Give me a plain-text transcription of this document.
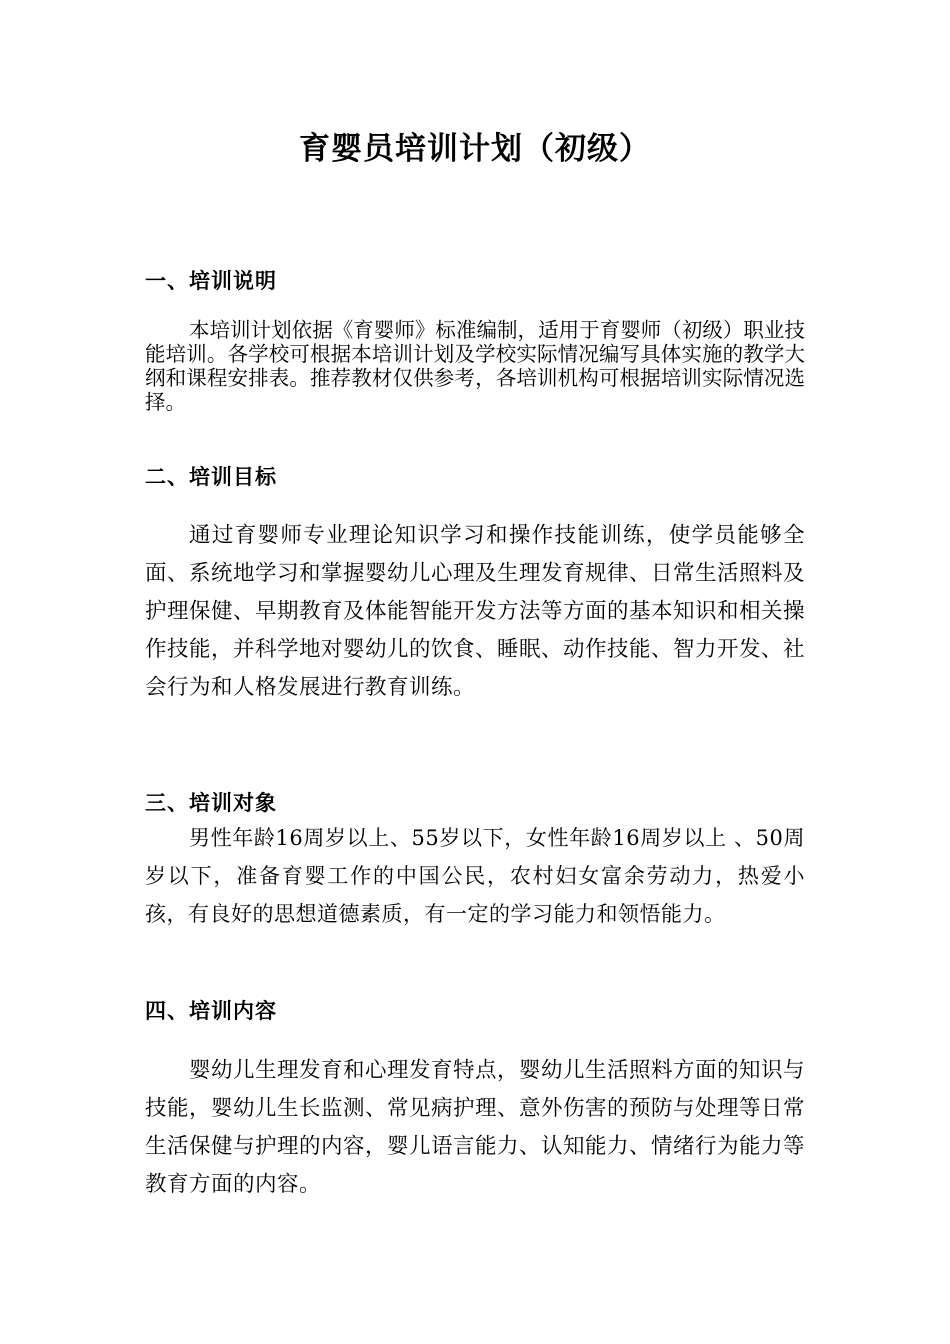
育婴员培训计划（初级）
一、培训说明

本培训计划依据《育婴师》标准编制，适用于育婴师（初级）职业技能培训。各学校可根据本培训计划及学校实际情况编写具体实施的教学大纲和课程安排表。推荐教材仅供参考，各培训机构可根据培训实际情况选择。

二、培训目标

通过育婴师专业理论知识学习和操作技能训练，使学员能够全面、系统地学习和掌握婴幼儿心理及生理发育规律、日常生活照料及护理保健、早期教育及体能智能开发方法等方面的基本知识和相关操作技能，并科学地对婴幼儿的饮食、睡眠、动作技能、智力开发、社会行为和人格发展进行教育训练。

三、培训对象

男性年龄16周岁以上、55岁以下，女性年龄16周岁以上 、50周岁以下，准备育婴工作的中国公民，农村妇女富余劳动力，热爱小孩，有良好的思想道德素质，有一定的学习能力和领悟能力。

四、培训内容

婴幼儿生理发育和心理发育特点，婴幼儿生活照料方面的知识与技能，婴幼儿生长监测、常见病护理、意外伤害的预防与处理等日常生活保健与护理的内容，婴儿语言能力、认知能力、情绪行为能力等教育方面的内容。
